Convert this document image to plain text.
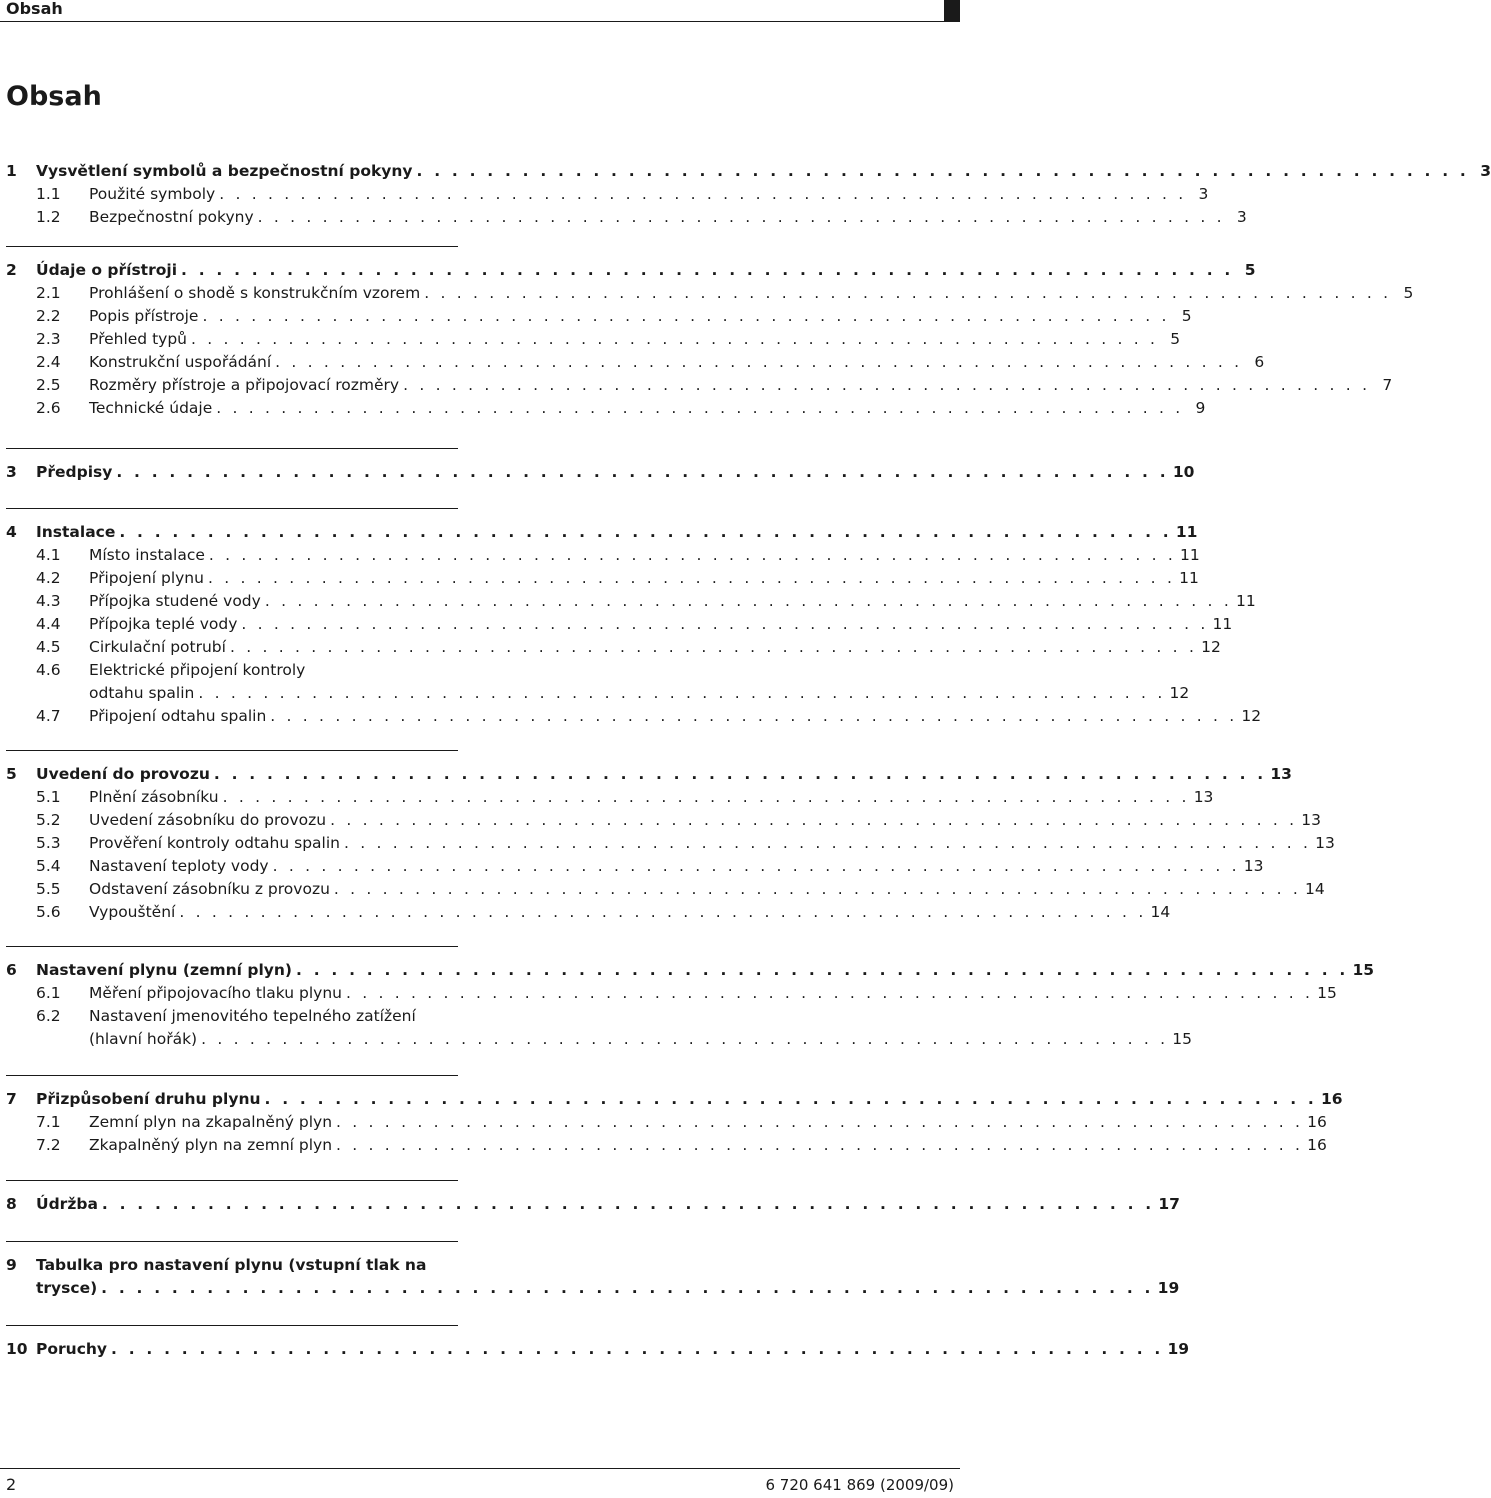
Obsah
Obsah
1	Vysvětlení symbolů a bezpečnostní pokyny . . . . . . . . . . . . . . . . . . . . . . . . . . . . . . . . . . . . . . . . . . . . . . . . . . . . . . . . . . . . 3
1.1	Použité symboly . . . . . . . . . . . . . . . . . . . . . . . . . . . . . . . . . . . . . . . . . . . . . . . . . . . . . . . . . . . . 3
1.2	Bezpečnostní pokyny . . . . . . . . . . . . . . . . . . . . . . . . . . . . . . . . . . . . . . . . . . . . . . . . . . . . . . . . . . . . 3
2	Údaje o přístroji . . . . . . . . . . . . . . . . . . . . . . . . . . . . . . . . . . . . . . . . . . . . . . . . . . . . . . . . . . . . 5
2.1	Prohlášení o shodě s konstrukčním vzorem . . . . . . . . . . . . . . . . . . . . . . . . . . . . . . . . . . . . . . . . . . . . . . . . . . . . . . . . . . . . 5
2.2	Popis přístroje . . . . . . . . . . . . . . . . . . . . . . . . . . . . . . . . . . . . . . . . . . . . . . . . . . . . . . . . . . . . 5
2.3	Přehled typů . . . . . . . . . . . . . . . . . . . . . . . . . . . . . . . . . . . . . . . . . . . . . . . . . . . . . . . . . . . . 5
2.4	Konstrukční uspořádání . . . . . . . . . . . . . . . . . . . . . . . . . . . . . . . . . . . . . . . . . . . . . . . . . . . . . . . . . . . . 6
2.5	Rozměry přístroje a připojovací rozměry . . . . . . . . . . . . . . . . . . . . . . . . . . . . . . . . . . . . . . . . . . . . . . . . . . . . . . . . . . . . 7
2.6	Technické údaje . . . . . . . . . . . . . . . . . . . . . . . . . . . . . . . . . . . . . . . . . . . . . . . . . . . . . . . . . . . . 9
3	Předpisy . . . . . . . . . . . . . . . . . . . . . . . . . . . . . . . . . . . . . . . . . . . . . . . . . . . . . . . . . . . . 10
4	Instalace . . . . . . . . . . . . . . . . . . . . . . . . . . . . . . . . . . . . . . . . . . . . . . . . . . . . . . . . . . . . 11
4.1	Místo instalace . . . . . . . . . . . . . . . . . . . . . . . . . . . . . . . . . . . . . . . . . . . . . . . . . . . . . . . . . . . . 11
4.2	Připojení plynu . . . . . . . . . . . . . . . . . . . . . . . . . . . . . . . . . . . . . . . . . . . . . . . . . . . . . . . . . . . . 11
4.3	Přípojka studené vody . . . . . . . . . . . . . . . . . . . . . . . . . . . . . . . . . . . . . . . . . . . . . . . . . . . . . . . . . . . . 11
4.4	Přípojka teplé vody . . . . . . . . . . . . . . . . . . . . . . . . . . . . . . . . . . . . . . . . . . . . . . . . . . . . . . . . . . . . 11
4.5	Cirkulační potrubí . . . . . . . . . . . . . . . . . . . . . . . . . . . . . . . . . . . . . . . . . . . . . . . . . . . . . . . . . . . . 12
4.6	Elektrické připojení kontroly
odtahu spalin . . . . . . . . . . . . . . . . . . . . . . . . . . . . . . . . . . . . . . . . . . . . . . . . . . . . . . . . . . . . 12
4.7	Připojení odtahu spalin . . . . . . . . . . . . . . . . . . . . . . . . . . . . . . . . . . . . . . . . . . . . . . . . . . . . . . . . . . . . 12
5	Uvedení do provozu . . . . . . . . . . . . . . . . . . . . . . . . . . . . . . . . . . . . . . . . . . . . . . . . . . . . . . . . . . . . 13
5.1	Plnění zásobníku . . . . . . . . . . . . . . . . . . . . . . . . . . . . . . . . . . . . . . . . . . . . . . . . . . . . . . . . . . . . 13
5.2	Uvedení zásobníku do provozu . . . . . . . . . . . . . . . . . . . . . . . . . . . . . . . . . . . . . . . . . . . . . . . . . . . . . . . . . . . . 13
5.3	Prověření kontroly odtahu spalin . . . . . . . . . . . . . . . . . . . . . . . . . . . . . . . . . . . . . . . . . . . . . . . . . . . . . . . . . . . . 13
5.4	Nastavení teploty vody . . . . . . . . . . . . . . . . . . . . . . . . . . . . . . . . . . . . . . . . . . . . . . . . . . . . . . . . . . . . 13
5.5	Odstavení zásobníku z provozu . . . . . . . . . . . . . . . . . . . . . . . . . . . . . . . . . . . . . . . . . . . . . . . . . . . . . . . . . . . . 14
5.6	Vypouštění . . . . . . . . . . . . . . . . . . . . . . . . . . . . . . . . . . . . . . . . . . . . . . . . . . . . . . . . . . . . 14
6	Nastavení plynu (zemní plyn) . . . . . . . . . . . . . . . . . . . . . . . . . . . . . . . . . . . . . . . . . . . . . . . . . . . . . . . . . . . . 15
6.1	Měření připojovacího tlaku plynu . . . . . . . . . . . . . . . . . . . . . . . . . . . . . . . . . . . . . . . . . . . . . . . . . . . . . . . . . . . . 15
6.2	Nastavení jmenovitého tepelného zatížení
(hlavní hořák) . . . . . . . . . . . . . . . . . . . . . . . . . . . . . . . . . . . . . . . . . . . . . . . . . . . . . . . . . . . . 15
7	Přizpůsobení druhu plynu . . . . . . . . . . . . . . . . . . . . . . . . . . . . . . . . . . . . . . . . . . . . . . . . . . . . . . . . . . . . 16
7.1	Zemní plyn na zkapalněný plyn . . . . . . . . . . . . . . . . . . . . . . . . . . . . . . . . . . . . . . . . . . . . . . . . . . . . . . . . . . . . 16
7.2	Zkapalněný plyn na zemní plyn . . . . . . . . . . . . . . . . . . . . . . . . . . . . . . . . . . . . . . . . . . . . . . . . . . . . . . . . . . . . 16
8	Údržba . . . . . . . . . . . . . . . . . . . . . . . . . . . . . . . . . . . . . . . . . . . . . . . . . . . . . . . . . . . . 17
9	Tabulka pro nastavení plynu (vstupní tlak na
trysce) . . . . . . . . . . . . . . . . . . . . . . . . . . . . . . . . . . . . . . . . . . . . . . . . . . . . . . . . . . . . 19
10 Poruchy . . . . . . . . . . . . . . . . . . . . . . . . . . . . . . . . . . . . . . . . . . . . . . . . . . . . . . . . . . . . 19
2	6 720 641 869 (2009/09)
